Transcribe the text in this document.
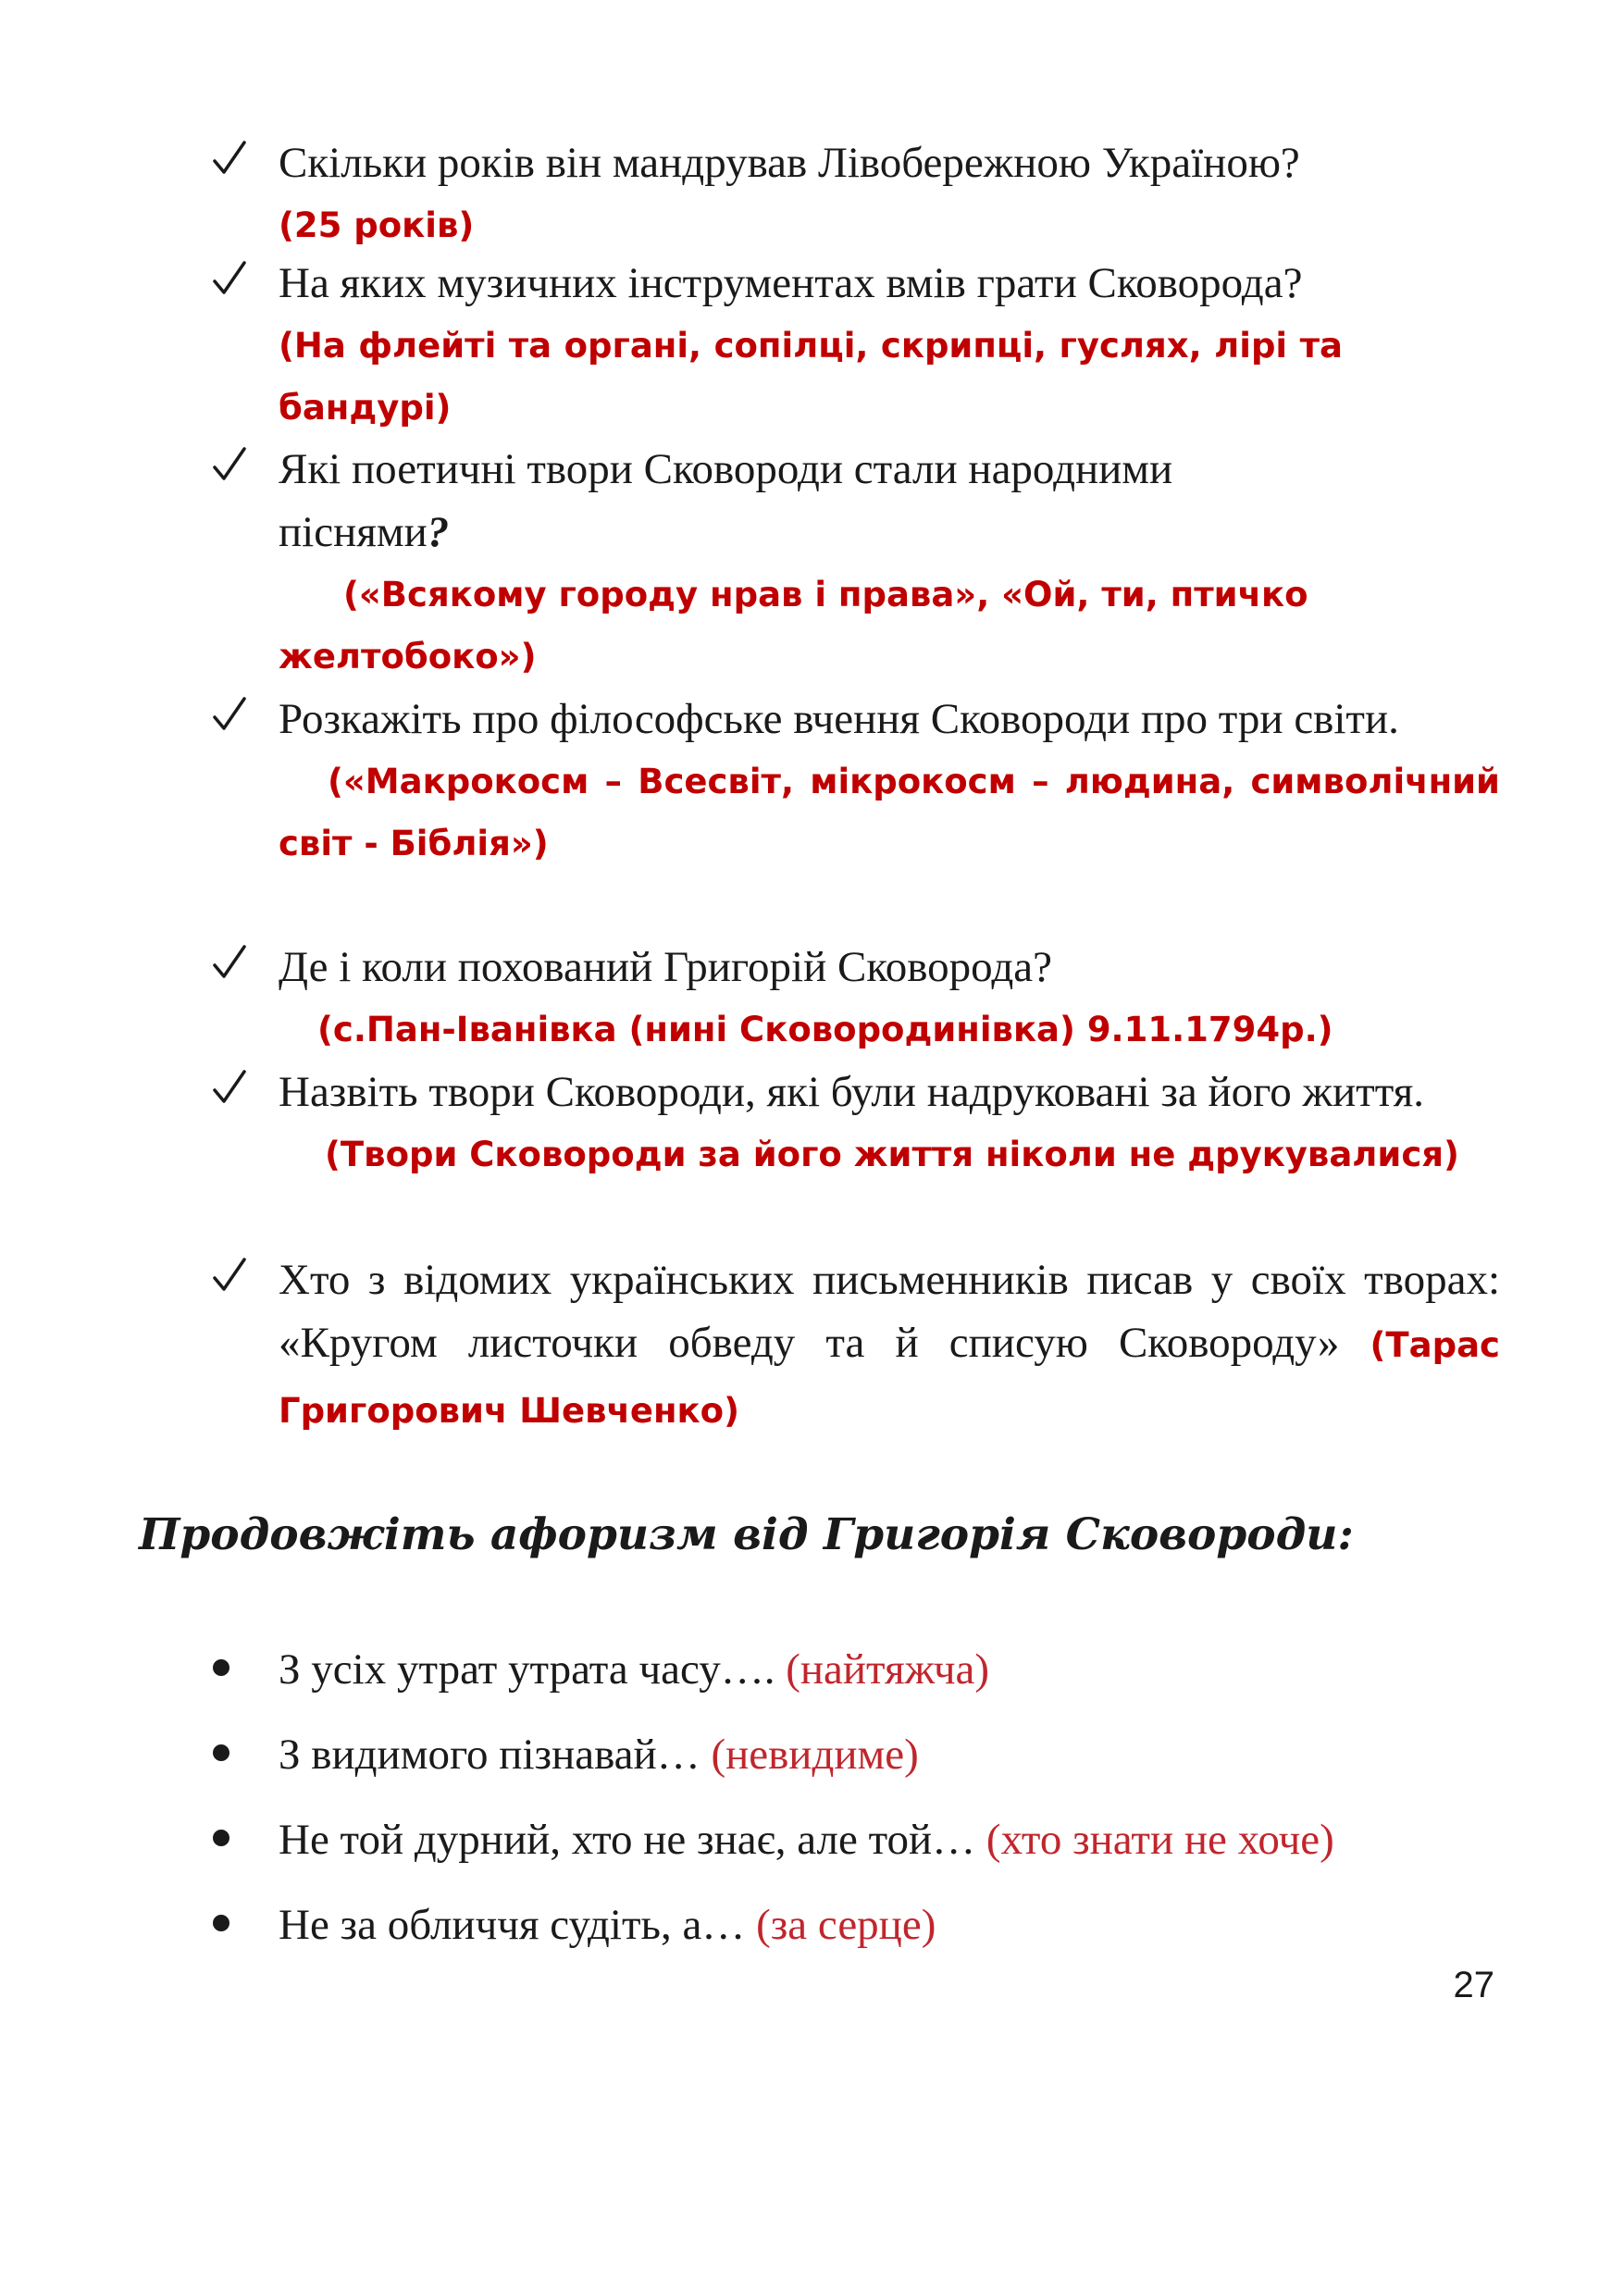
Скільки років він мандрував Лівобережною Україною?
(25 років)
На яких музичних інструментах вмів грати Сковорода?
(На флейті та органі, сопілці, скрипці, гуслях, лірі та бандурі)
Які поетичні твори Сковороди стали народними піснями?
(«Всякому городу нрав і права», «Ой, ти, птичко желтобоко»)
Розкажіть про філософське вчення Сковороди про три світи.
(«Макрокосм – Всесвіт, мікрокосм – людина, символічний світ - Біблія»)
Де і коли похований Григорій Сковорода?
(с.Пан-Іванівка (нині Сковородинівка) 9.11.1794р.)
Назвіть твори Сковороди, які були надруковані за його життя.
(Твори Сковороди за його життя ніколи не друкувалися)
Хто з відомих українських письменників писав у своїх творах: «Кругом листочки обведу та й списую Сковороду» (Тарас Григорович Шевченко)
Продовжіть афоризм від Григорія Сковороди:
З усіх утрат утрата часу…. (найтяжча)
З видимого пізнавай… (невидиме)
Не той дурний, хто не знає, але той… (хто знати не хоче)
Не за обличчя судіть, а… (за серце)
27
